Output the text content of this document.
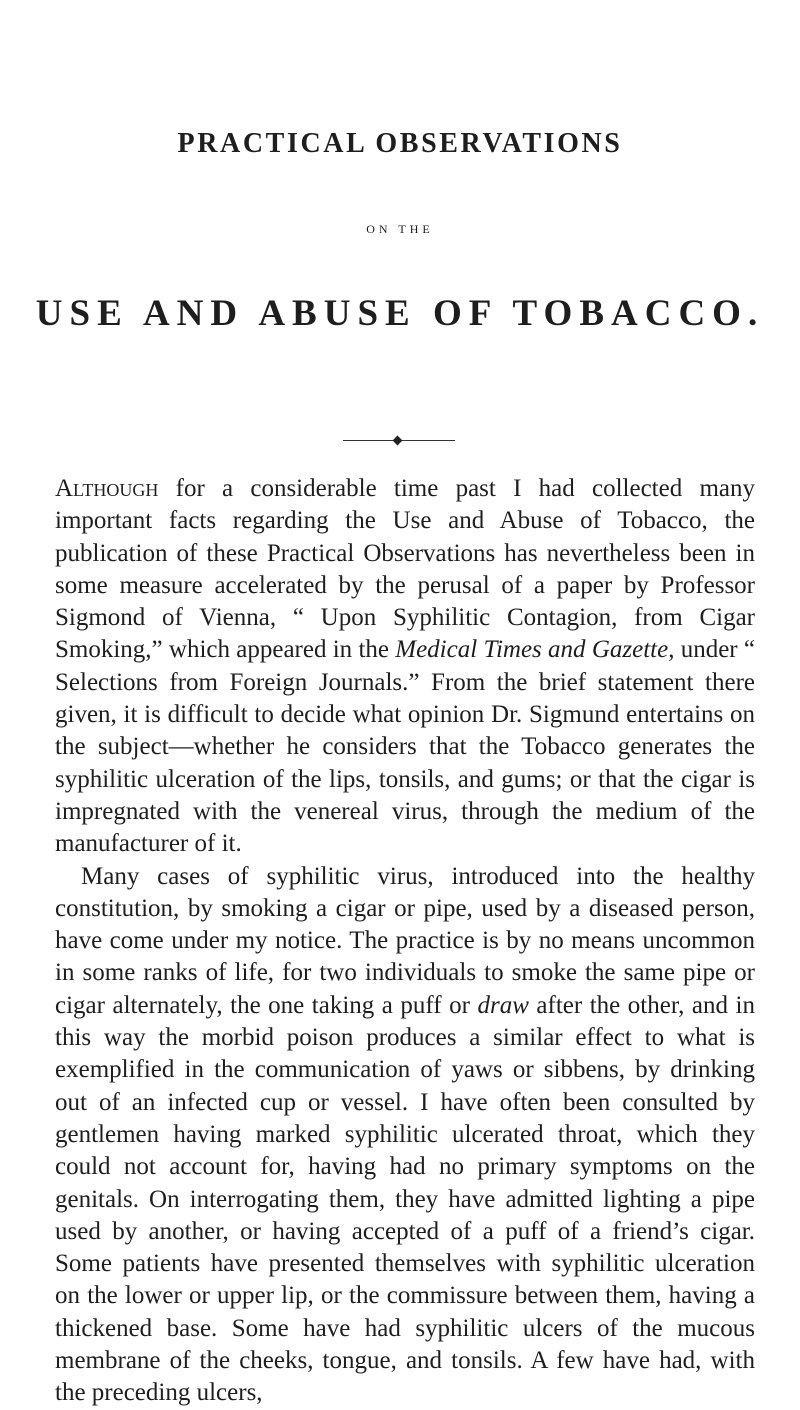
PRACTICAL OBSERVATIONS
ON THE
USE AND ABUSE OF TOBACCO.

Although for a considerable time past I had collected many important facts regarding the Use and Abuse of Tobacco, the publication of these Practical Observations has nevertheless been in some measure accelerated by the perusal of a paper by Professor Sigmond of Vienna, “ Upon Syphilitic Contagion, from Cigar Smoking,” which appeared in the Medical Times and Gazette, under “ Selections from Foreign Journals.” From the brief statement there given, it is difficult to decide what opinion Dr. Sigmund entertains on the subject—whether he considers that the Tobacco generates the syphilitic ulceration of the lips, tonsils, and gums; or that the cigar is impregnated with the venereal virus, through the medium of the manufacturer of it.

Many cases of syphilitic virus, introduced into the healthy constitution, by smoking a cigar or pipe, used by a diseased person, have come under my notice. The practice is by no means uncommon in some ranks of life, for two individuals to smoke the same pipe or cigar alternately, the one taking a puff or draw after the other, and in this way the morbid poison produces a similar effect to what is exemplified in the communication of yaws or sibbens, by drinking out of an infected cup or vessel. I have often been consulted by gentlemen having marked syphilitic ulcerated throat, which they could not account for, having had no primary symptoms on the genitals. On interrogating them, they have admitted lighting a pipe used by another, or having accepted of a puff of a friend’s cigar. Some patients have presented themselves with syphilitic ulceration on the lower or upper lip, or the commissure between them, having a thickened base. Some have had syphilitic ulcers of the mucous membrane of the cheeks, tongue, and tonsils. A few have had, with the preceding ulcers,
